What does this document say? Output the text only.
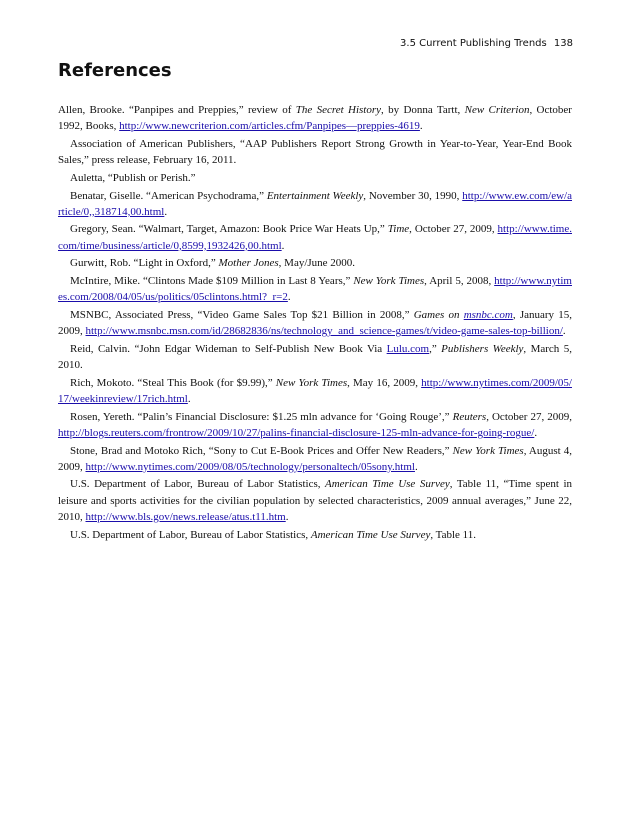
3.5 Current Publishing Trends 138
References

Allen, Brooke. “Panpipes and Preppies,” review of The Secret History, by Donna Tartt, New Criterion, October 1992, Books, http://www.newcriterion.com/articles.cfm/Panpipes—preppies-4619.

Association of American Publishers, “AAP Publishers Report Strong Growth in Year-to-Year, Year-End Book Sales,” press release, February 16, 2011.

Auletta, “Publish or Perish.”

Benatar, Giselle. “American Psychodrama,” Entertainment Weekly, November 30, 1990, http://www.ew.com/ew/article/0,,318714,00.html.

Gregory, Sean. “Walmart, Target, Amazon: Book Price War Heats Up,” Time, October 27, 2009, http://www.time.com/time/business/article/0,8599,1932426,00.html.

Gurwitt, Rob. “Light in Oxford,” Mother Jones, May/June 2000.

McIntire, Mike. “Clintons Made $109 Million in Last 8 Years,” New York Times, April 5, 2008, http://www.nytimes.com/2008/04/05/us/politics/05clintons.html?_r=2.

MSNBC, Associated Press, “Video Game Sales Top $21 Billion in 2008,” Games on msnbc.com, January 15, 2009, http://www.msnbc.msn.com/id/28682836/ns/technology_and_science-games/t/video-game-sales-top-billion/.

Reid, Calvin. “John Edgar Wideman to Self-Publish New Book Via Lulu.com,” Publishers Weekly, March 5, 2010.

Rich, Mokoto. “Steal This Book (for $9.99),” New York Times, May 16, 2009, http://www.nytimes.com/2009/05/17/weekinreview/17rich.html.

Rosen, Yereth. “Palin’s Financial Disclosure: $1.25 mln advance for ‘Going Rouge’,” Reuters, October 27, 2009, http://blogs.reuters.com/frontrow/2009/10/27/palins-financial-disclosure-125-mln-advance-for-going-rogue/.

Stone, Brad and Motoko Rich, “Sony to Cut E-Book Prices and Offer New Readers,” New York Times, August 4, 2009, http://www.nytimes.com/2009/08/05/technology/personaltech/05sony.html.

U.S. Department of Labor, Bureau of Labor Statistics, American Time Use Survey, Table 11, “Time spent in leisure and sports activities for the civilian population by selected characteristics, 2009 annual averages,” June 22, 2010, http://www.bls.gov/news.release/atus.t11.htm.

U.S. Department of Labor, Bureau of Labor Statistics, American Time Use Survey, Table 11.
